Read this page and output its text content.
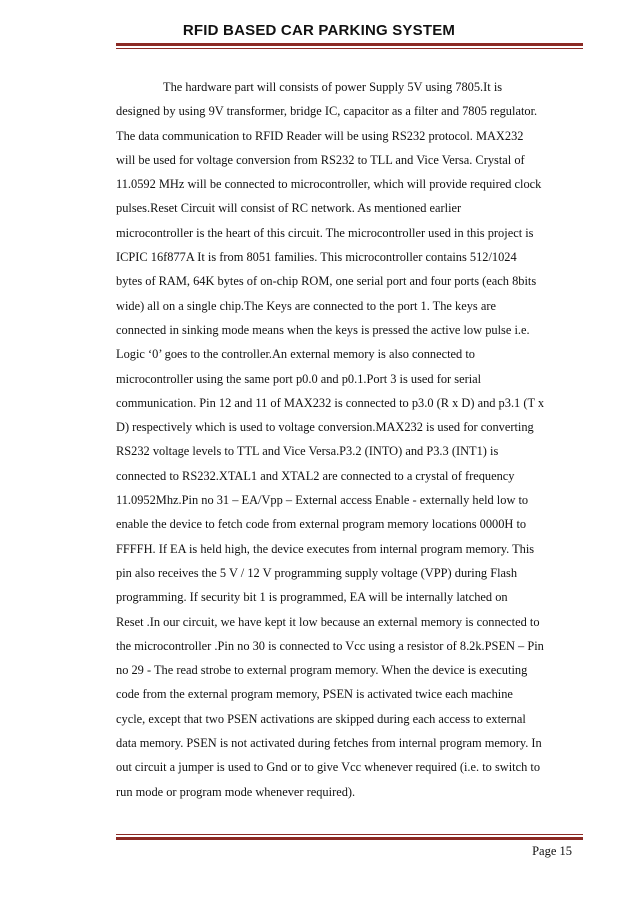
RFID BASED CAR PARKING SYSTEM
The hardware part will consists of power Supply 5V using 7805.It is
designed by using 9V transformer, bridge IC, capacitor as a filter and 7805 regulator.
The data communication to RFID Reader will be using RS232 protocol. MAX232
will be used for voltage conversion from RS232 to TLL and Vice Versa. Crystal of
11.0592 MHz will be connected to microcontroller, which will provide required clock
pulses.Reset Circuit will consist of RC network. As mentioned earlier
microcontroller is the heart of this circuit. The microcontroller used in this project is
ICPIC 16f877A It is from 8051 families. This microcontroller contains 512/1024
bytes of RAM, 64K bytes of on-chip ROM, one serial port and four ports (each 8bits
wide) all on a single chip.The Keys are connected to the port 1. The keys are
connected in sinking mode means when the keys is pressed the active low pulse i.e.
Logic ‘0’ goes to the controller.An external memory is also connected to
microcontroller using the same port p0.0 and p0.1.Port 3 is used for serial
communication. Pin 12 and 11 of MAX232 is connected to p3.0 (R x D) and p3.1 (T x
D) respectively which is used to voltage conversion.MAX232 is used for converting
RS232 voltage levels to TTL and Vice Versa.P3.2 (INTO) and P3.3 (INT1) is
connected to RS232.XTAL1 and XTAL2 are connected to a crystal of frequency
11.0952Mhz.Pin no 31 – EA/Vpp – External access Enable - externally held low to
enable the device to fetch code from external program memory locations 0000H to
FFFFH. If EA is held high, the device executes from internal program memory. This
pin also receives the 5 V / 12 V programming supply voltage (VPP) during Flash
programming. If security bit 1 is programmed, EA will be internally latched on
Reset .In our circuit, we have kept it low because an external memory is connected to
the microcontroller .Pin no 30 is connected to Vcc using a resistor of 8.2k.PSEN – Pin
no 29 - The read strobe to external program memory. When the device is executing
code from the external program memory, PSEN is activated twice each machine
cycle, except that two PSEN activations are skipped during each access to external
data memory. PSEN is not activated during fetches from internal program memory. In
out circuit a jumper is used to Gnd or to give Vcc whenever required (i.e. to switch to
run mode or program mode whenever required).
Page 15
